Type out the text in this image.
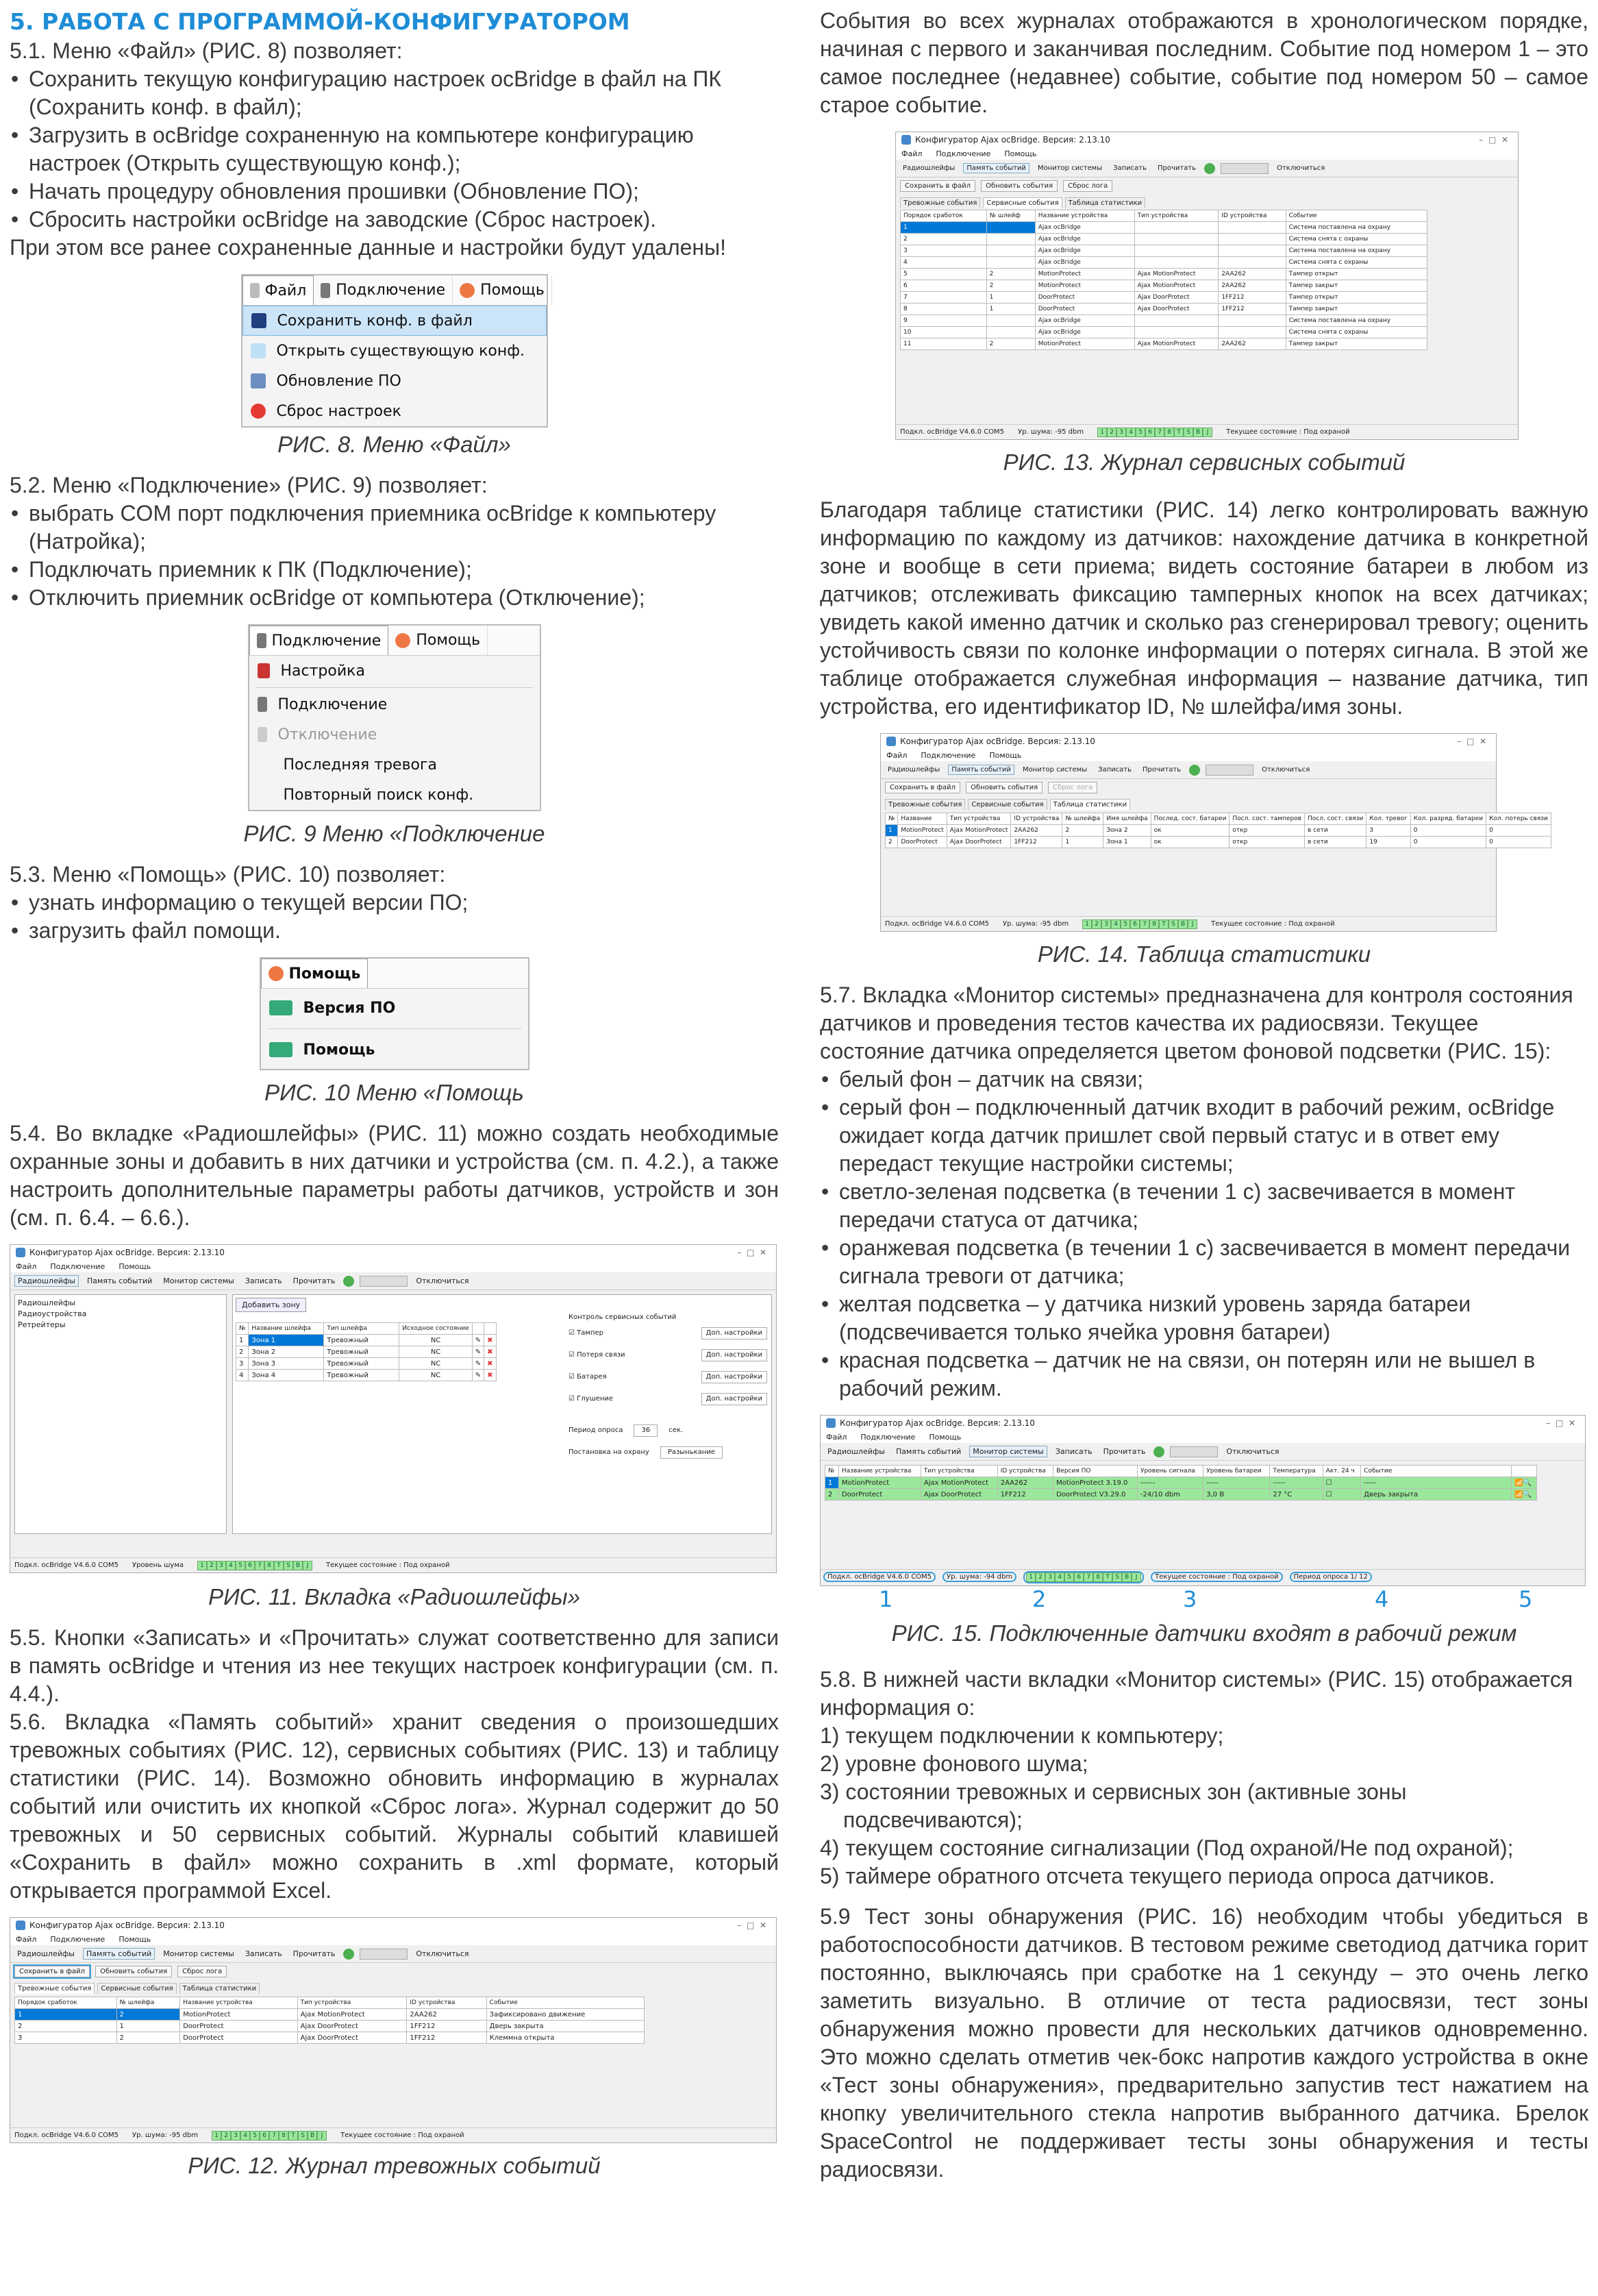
5. РАБОТА С ПРОГРАММОЙ-КОНФИГУРАТОРОМ
5.1. Меню «Файл» (РИС. 8) позволяет:
• Сохранить текущую конфигурацию настроек ocBridge в файл на ПК (Сохранить конф. в файл);
• Загрузить в ocBridge сохраненную на компьютере конфигурацию настроек (Открыть существующую конф.);
• Начать процедуру обновления прошивки (Обновление ПО);
• Сбросить настройки ocBridge на заводские (Сброс настроек).
При этом все ранее сохраненные данные и настройки будут удалены!
Файл Подключение Помощь
Сохранить конф. в файл
Открыть существующую конф.
Обновление ПО
Сброс настроек
РИС. 8. Меню «Файл»
5.2. Меню «Подключение» (РИС. 9) позволяет:
• выбрать COM порт подключения приемника ocBridge к компьютеру (Натройка);
• Подключать приемник к ПК (Подключение);
• Отключить приемник ocBridge от компьютера (Отключение);
Подключение Помощь
Настройка
Подключение
Отключение
Последняя тревога
Повторный поиск конф.
РИС. 9 Меню «Подключение
5.3. Меню «Помощь» (РИС. 10) позволяет:
• узнать информацию о текущей версии ПО;
• загрузить файл помощи.
Помощь
Версия ПО
Помощь
РИС. 10 Меню «Помощь
5.4. Во вкладке «Радиошлейфы» (РИС. 11) можно создать необходимые охранные зоны и добавить в них датчики и устройства (см. п. 4.2.), а также настроить дополнительные параметры работы датчиков, устройств и зон (см. п. 6.4. – 6.6.).
Конфигуратор Ajax ocBridge. Версия: 2.13.10	–  □  ✕
Файл Подключение Помощь
Радиошлейфы	Память событий	Монитор системы	Записать	Прочитать	Отключиться
Радиошлейфы
Радиоустройства
Ретрейтеры
Добавить зону
№	Название шлейфа	Тип шлейфа	Исходное состояние		
1	Зона 1	Тревожный	NC	✎	✖
2	Зона 2	Тревожный	NC	✎	✖
3	Зона 3	Тревожный	NC	✎	✖
4	Зона 4	Тревожный	NC	✎	✖
Контроль сервисных событий
☑ Тампер	Доп. настройки
☑ Потеря связи	Доп. настройки
☑ Батарея	Доп. настройки
☑ Глушение	Доп. настройки
Период опроса	36	сек.
Постановка на охрану	Разынькание
Подкл. ocBridge V4.6.0 COM5 Уровень шума	1 2 3 4 5 6 7 8 T S B	J	Текущее состояние : Под охраной
РИС. 11. Вкладка «Радиошлейфы»
5.5. Кнопки «Записать» и «Прочитать» служат соответственно для записи в память ocBridge и чтения из нее текущих настроек конфигурации (см. п. 4.4.).
5.6. Вкладка «Память событий» хранит сведения о произошедших тревожных событиях (РИС. 12), сервисных событиях (РИС. 13) и таблицу статистики (РИС. 14). Возможно обновить информацию в журналах событий или очистить их кнопкой «Сброс лога». Журнал содержит до 50 тревожных и 50 сервисных событий. Журналы событий клавишей «Сохранить в файл» можно сохранить в .xml формате, который открывается программой Excel.
Конфигуратор Ajax ocBridge. Версия: 2.13.10	–  □  ✕
Файл Подключение Помощь
Радиошлейфы	Память событий	Монитор системы	Записать	Прочитать	Отключиться
Сохранить в файл	Обновить события	Сброс лога
Тревожные события	Сервисные события	Таблица статистики
Порядок сработок	№ шлейфа	Название устройства	Тип устройства	ID устройства	Событие
1	2	MotionProtect	Ajax MotionProtect	2AA262	Зафиксировано движение
2	1	DoorProtect	Ajax DoorProtect	1FF212	Дверь закрыта
3	2	DoorProtect	Ajax DoorProtect	1FF212	Клеммна открыта
Подкл. ocBridge V4.6.0 COM5 Ур. шума: -95 dbm	1 2 3 4 5 6 7 8 T S B	J	Текущее состояние : Под охраной
РИС. 12. Журнал тревожных событий
События во всех журналах отображаются в хронологическом порядке, начиная с первого и заканчивая последним. Событие под номером 1 – это самое последнее (недавнее) событие, событие под номером 50 – самое старое событие.
Конфигуратор Ajax ocBridge. Версия: 2.13.10	–  □  ✕
Файл Подключение Помощь
Радиошлейфы	Память событий	Монитор системы	Записать	Прочитать	Отключиться
Сохранить в файл	Обновить события	Сброс лога
Тревожные события	Сервисные события	Таблица статистики
Порядок сработок	№ шлейф	Название устройства	Тип устройства	ID устройства	Событие
1		Ajax ocBridge			Система поставлена на охрану
2		Ajax ocBridge			Система снята с охраны
3		Ajax ocBridge			Система поставлена на охрану
4		Ajax ocBridge			Система снята с охраны
5	2	MotionProtect	Ajax MotionProtect	2AA262	Тампер открыт
6	2	MotionProtect	Ajax MotionProtect	2AA262	Тампер закрыт
7	1	DoorProtect	Ajax DoorProtect	1FF212	Тампер открыт
8	1	DoorProtect	Ajax DoorProtect	1FF212	Тампер закрыт
9		Ajax ocBridge			Система поставлена на охрану
10		Ajax ocBridge			Система снята с охраны
11	2	MotionProtect	Ajax MotionProtect	2AA262	Тампер закрыт
Подкл. ocBridge V4.6.0 COM5 Ур. шума: -95 dbm	1 2 3 4 5 6 7 8 T S B	J	Текущее состояние : Под охраной
РИС. 13. Журнал сервисных событий
Благодаря таблице статистики (РИС. 14) легко контролировать важную информацию по каждому из датчиков: нахождение датчика в конкретной зоне и вообще в сети приема; видеть состояние батареи в любом из датчиков; отслеживать фиксацию тамперных кнопок на всех датчиках; увидеть какой именно датчик и сколько раз сгенерировал тревогу; оценить устойчивость связи по колонке информации о потерях сигнала. В этой же таблице отображается служебная информация – название датчика, тип устройства, его идентификатор ID, № шлейфа/имя зоны.
Конфигуратор Ajax ocBridge. Версия: 2.13.10	–  □  ✕
Файл Подключение Помощь
Радиошлейфы	Память событий	Монитор системы	Записать	Прочитать	Отключиться
Сохранить в файл	Обновить события	Сброс лога
Тревожные события	Сервисные события	Таблица статистики
№	Название	Тип устройства	ID устройства	№ шлейфа	Имя шлейфа	Послед. сост. батареи	Посл. сост. тамперов	Посл. сост. связи	Кол. тревог	Кол. разряд. батареи	Кол. потерь связи
1	MotionProtect	Ajax MotionProtect	2AA262	2	Зона 2	ок	откр	в сети	3	0	0
2	DoorProtect	Ajax DoorProtect	1FF212	1	Зона 1	ок	откр	в сети	19	0	0
Подкл. ocBridge V4.6.0 COM5 Ур. шума: -95 dbm	1 2 3 4 5 6 7 8 T S B	J	Текущее состояние : Под охраной
РИС. 14. Таблица статистики
5.7. Вкладка «Монитор системы» предназначена для контроля состояния датчиков и проведения тестов качества их радиосвязи. Текущее состояние датчика определяется цветом фоновой подсветки (РИС. 15):
• белый фон – датчик на связи;
• серый фон – подключенный датчик входит в рабочий режим, ocBridge ожидает когда датчик пришлет свой первый статус и в ответ ему передаст текущие настройки системы;
• светло-зеленая подсветка (в течении 1 с) засвечивается в момент передачи статуса от датчика;
• оранжевая подсветка (в течении 1 с) засвечивается в момент передачи сигнала тревоги от датчика;
• желтая подсветка – у датчика низкий уровень заряда батареи (подсвечивается только ячейка уровня батареи)
• красная подсветка – датчик не на связи, он потерян или не вышел в рабочий режим.
Конфигуратор Ajax ocBridge. Версия: 2.13.10	–  □  ✕
Файл Подключение Помощь
Радиошлейфы	Память событий	Монитор системы	Записать	Прочитать	Отключиться
№	Название устройства	Тип устройства	ID устройства	Версия ПО	Уровень сигнала	Уровень батареи	Температура	Акт. 24 ч	Событие	
1	MotionProtect	Ajax MotionProtect	2AA262	MotionProtect 3.19.0	------	-----	-----	☐	-----	📶🔍
2	DoorProtect	Ajax DoorProtect	1FF212	DoorProtect V3.29.0	-24/10 dbm	3,0 В	27 °C	☐	Дверь закрыта	📶🔍
Подкл. ocBridge V4.6.0 COM5	Ур. шума: -94 dbm	1 2 3 4 5 6 7 8 T S B	J	Текущее состояние : Под охраной	Период опроса 1/ 12
1	2	3	4	5
РИС. 15. Подключенные датчики входят в рабочий режим
5.8. В нижней части вкладки «Монитор системы» (РИС. 15) отображается информация о:
1) текущем подключении к компьютеру;
2) уровне фонового шума;
3) состоянии тревожных и сервисных зон (активные зоны подсвечиваются);
4) текущем состояние сигнализации (Под охраной/Не под охраной);
5) таймере обратного отсчета текущего периода опроса датчиков.
5.9 Тест зоны обнаружения (РИС. 16) необходим чтобы убедиться в работоспособности датчиков. В тестовом режиме светодиод датчика горит постоянно, выключаясь при сработке на 1 секунду – это очень легко заметить визуально. В отличие от теста радиосвязи, тест зоны обнаружения можно провести для нескольких датчиков одновременно. Это можно сделать отметив чек-бокс напротив каждого устройства в окне «Тест зоны обнаружения», предварительно запустив тест нажатием на кнопку увеличительного стекла напротив выбранного датчика. Брелок SpaceControl не поддерживает тесты зоны обнаружения и тесты радиосвязи.
